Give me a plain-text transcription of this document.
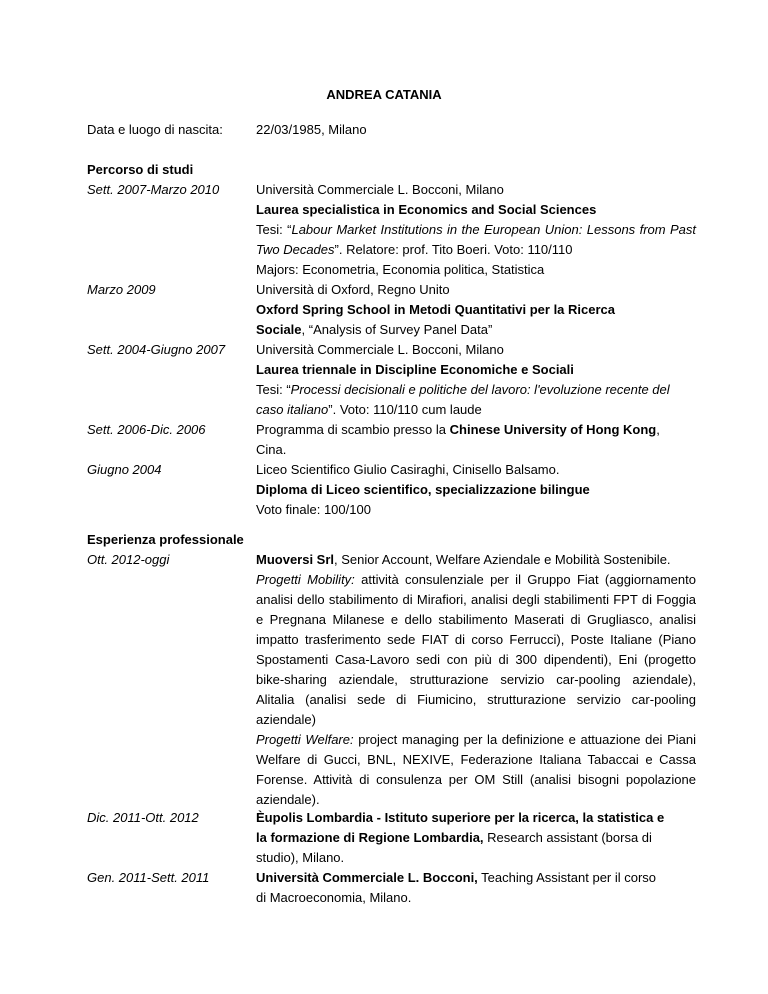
ANDREA CATANIA
Data e luogo di nascita:	22/03/1985, Milano
Percorso di studi
Sett. 2007-Marzo 2010	Università Commerciale L. Bocconi, Milano
Laurea specialistica in Economics and Social Sciences
Tesi: “Labour Market Institutions in the European Union: Lessons from Past Two Decades”. Relatore: prof. Tito Boeri. Voto: 110/110
Majors: Econometria, Economia politica, Statistica
Marzo 2009	Università di Oxford, Regno Unito
Oxford Spring School in Metodi Quantitativi per la Ricerca Sociale, “Analysis of Survey Panel Data”
Sett. 2004-Giugno 2007 Università Commerciale L. Bocconi, Milano
Laurea triennale in Discipline Economiche e Sociali
Tesi: “Processi decisionali e politiche del lavoro: l'evoluzione recente del caso italiano”. Voto: 110/110 cum laude
Sett. 2006-Dic. 2006	Programma di scambio presso la Chinese University of Hong Kong, Cina.
Giugno 2004	Liceo Scientifico Giulio Casiraghi, Cinisello Balsamo.
Diploma di Liceo scientifico, specializzazione bilingue
Voto finale: 100/100
Esperienza professionale
Ott. 2012-oggi	Muoversi Srl, Senior Account, Welfare Aziendale e Mobilità Sostenibile.
Progetti Mobility: attività consulenziale per il Gruppo Fiat (aggiornamento analisi dello stabilimento di Mirafiori, analisi degli stabilimenti FPT di Foggia e Pregnana Milanese e dello stabilimento Maserati di Grugliasco, analisi impatto trasferimento sede FIAT di corso Ferrucci), Poste Italiane (Piano Spostamenti Casa-Lavoro sedi con più di 300 dipendenti), Eni (progetto bike-sharing aziendale, strutturazione servizio car-pooling aziendale), Alitalia (analisi sede di Fiumicino, strutturazione servizio car-pooling aziendale)
Progetti Welfare: project managing per la definizione e attuazione dei Piani Welfare di Gucci, BNL, NEXIVE, Federazione Italiana Tabaccai e Cassa Forense. Attività di consulenza per OM Still (analisi bisogni popolazione aziendale).
Dic. 2011-Ott. 2012	Èupolis Lombardia - Istituto superiore per la ricerca, la statistica e la formazione di Regione Lombardia, Research assistant (borsa di studio), Milano.
Gen. 2011-Sett. 2011	Università Commerciale L. Bocconi, Teaching Assistant per il corso di Macroeconomia, Milano.
